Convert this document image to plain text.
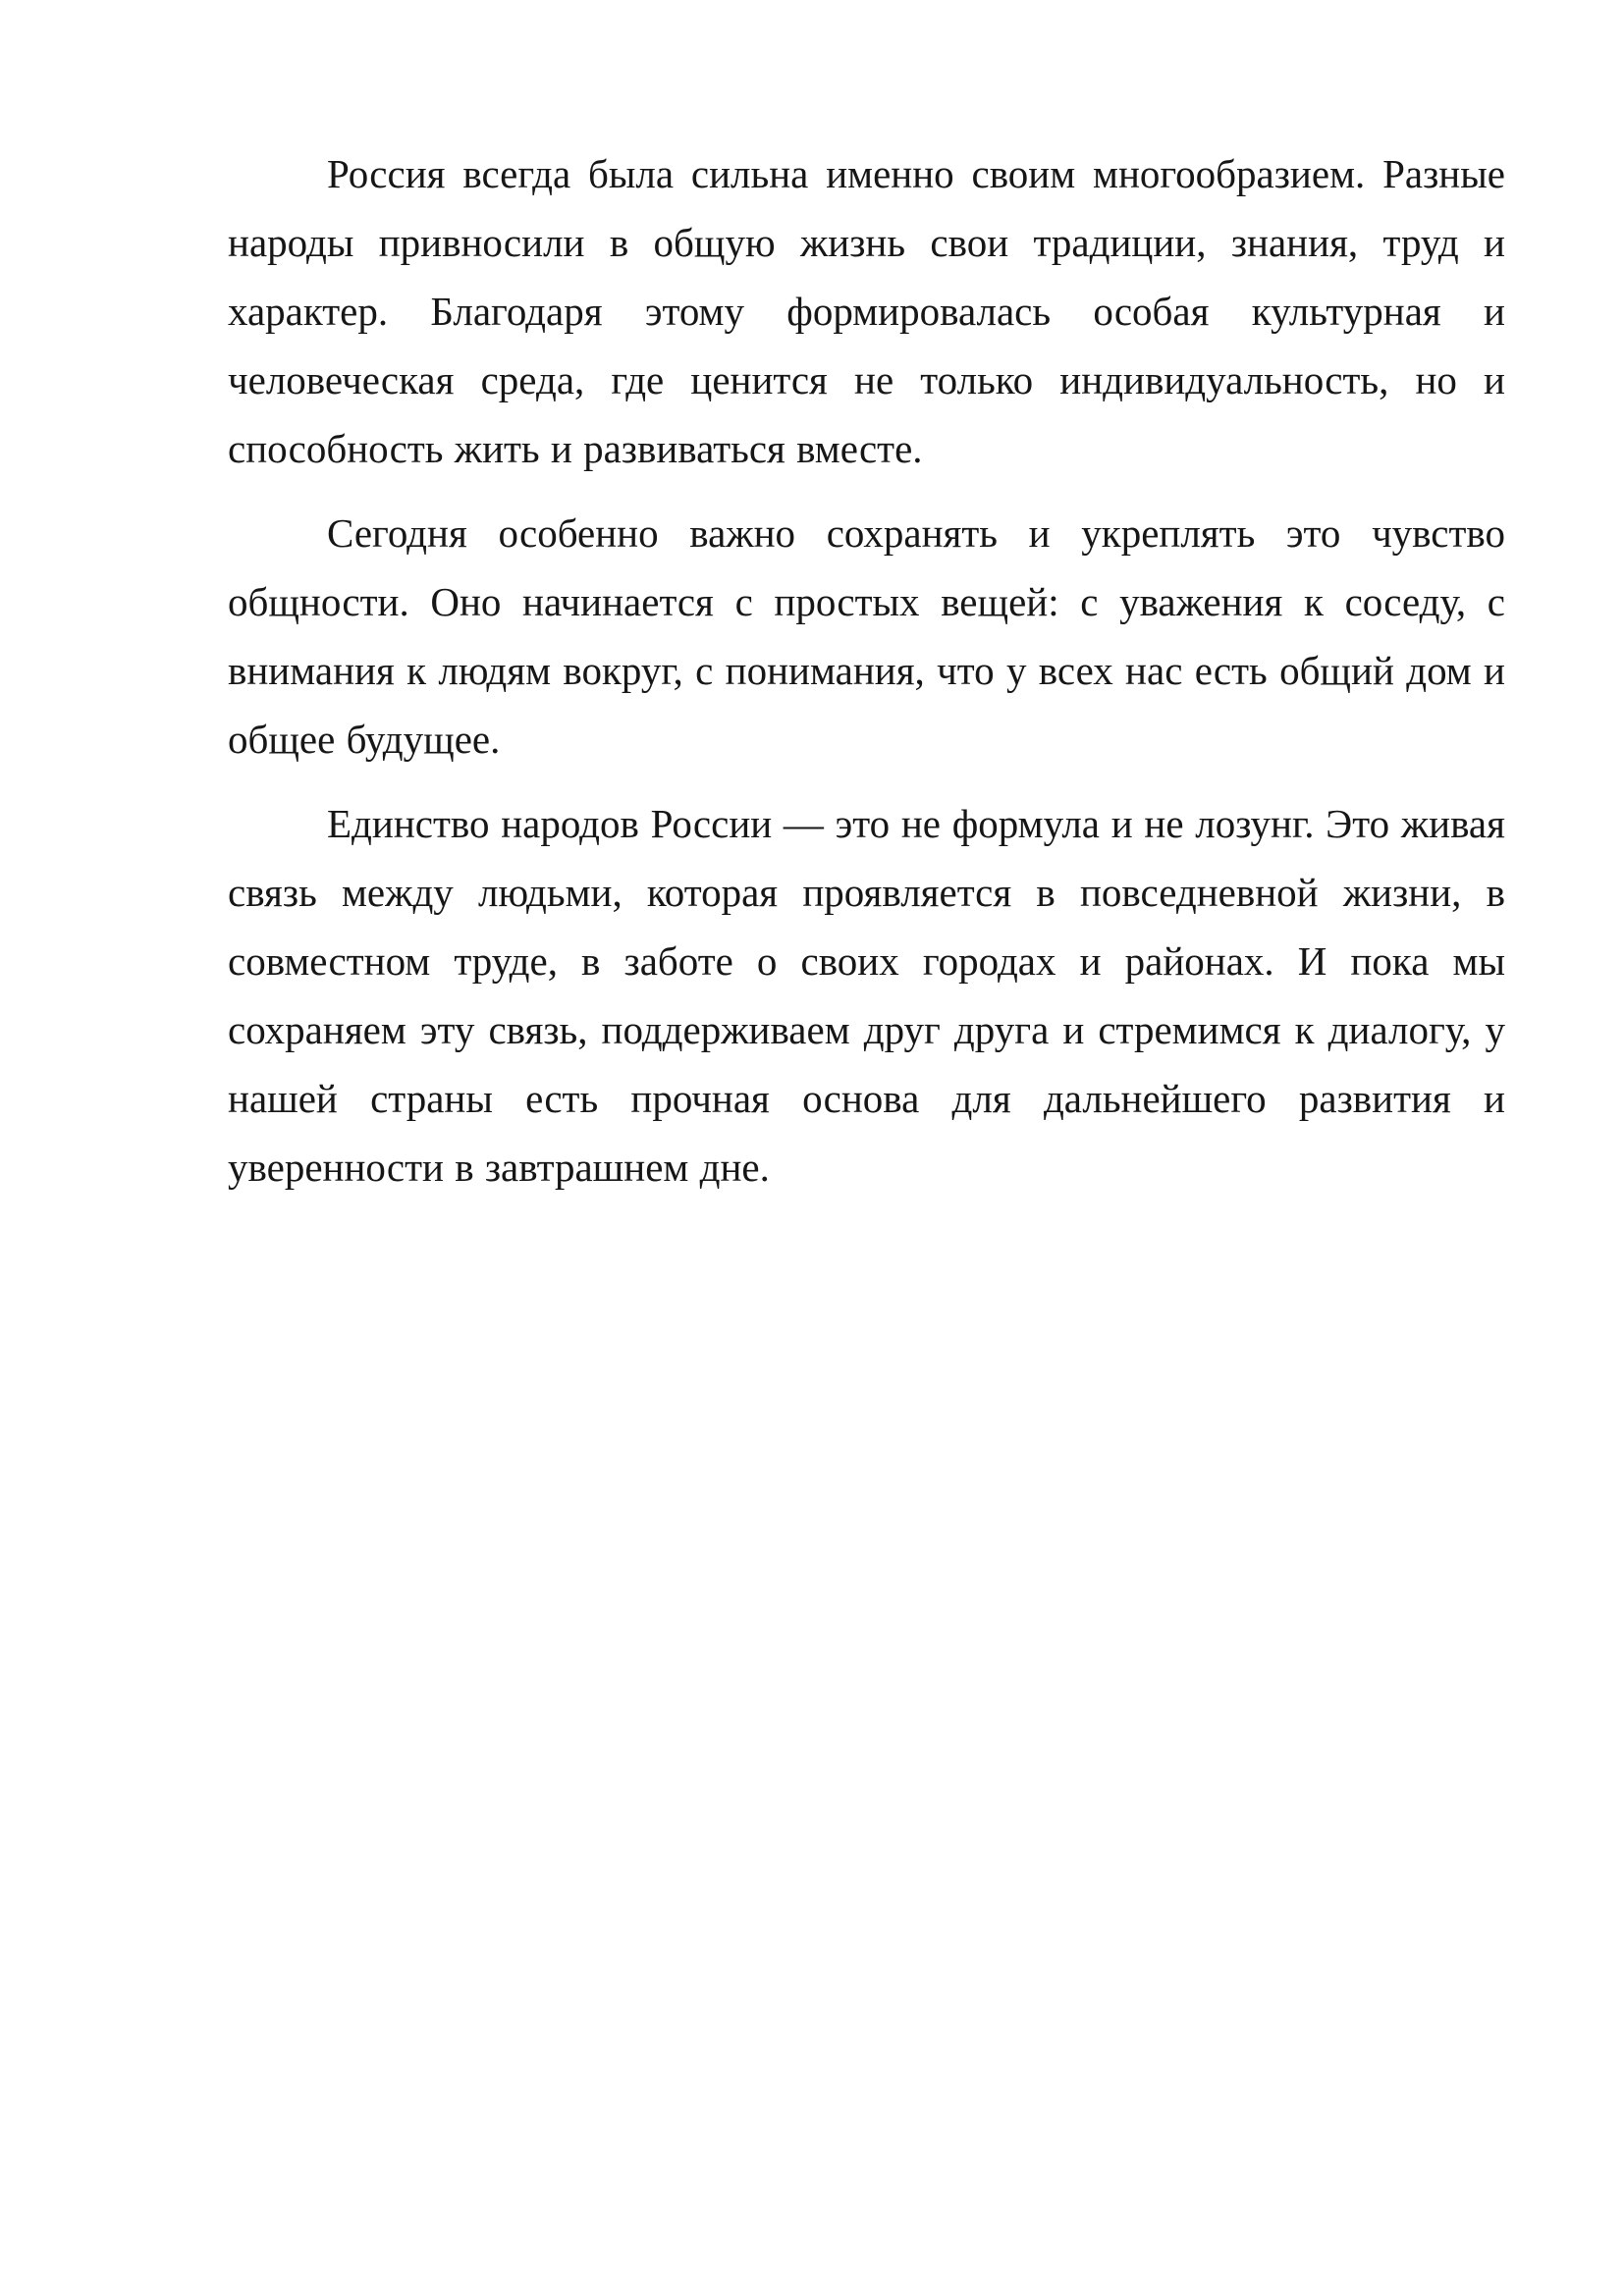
Россия всегда была сильна именно своим многообразием. Разные народы привносили в общую жизнь свои традиции, знания, труд и характер. Благодаря этому формировалась особая культурная и человеческая среда, где ценится не только индивидуальность, но и способность жить и развиваться вместе.

Сегодня особенно важно сохранять и укреплять это чувство общности. Оно начинается с простых вещей: с уважения к соседу, с внимания к людям вокруг, с понимания, что у всех нас есть общий дом и общее будущее.

Единство народов России — это не формула и не лозунг. Это живая связь между людьми, которая проявляется в повседневной жизни, в совместном труде, в заботе о своих городах и районах. И пока мы сохраняем эту связь, поддерживаем друг друга и стремимся к диалогу, у нашей страны есть прочная основа для дальнейшего развития и уверенности в завтрашнем дне.
